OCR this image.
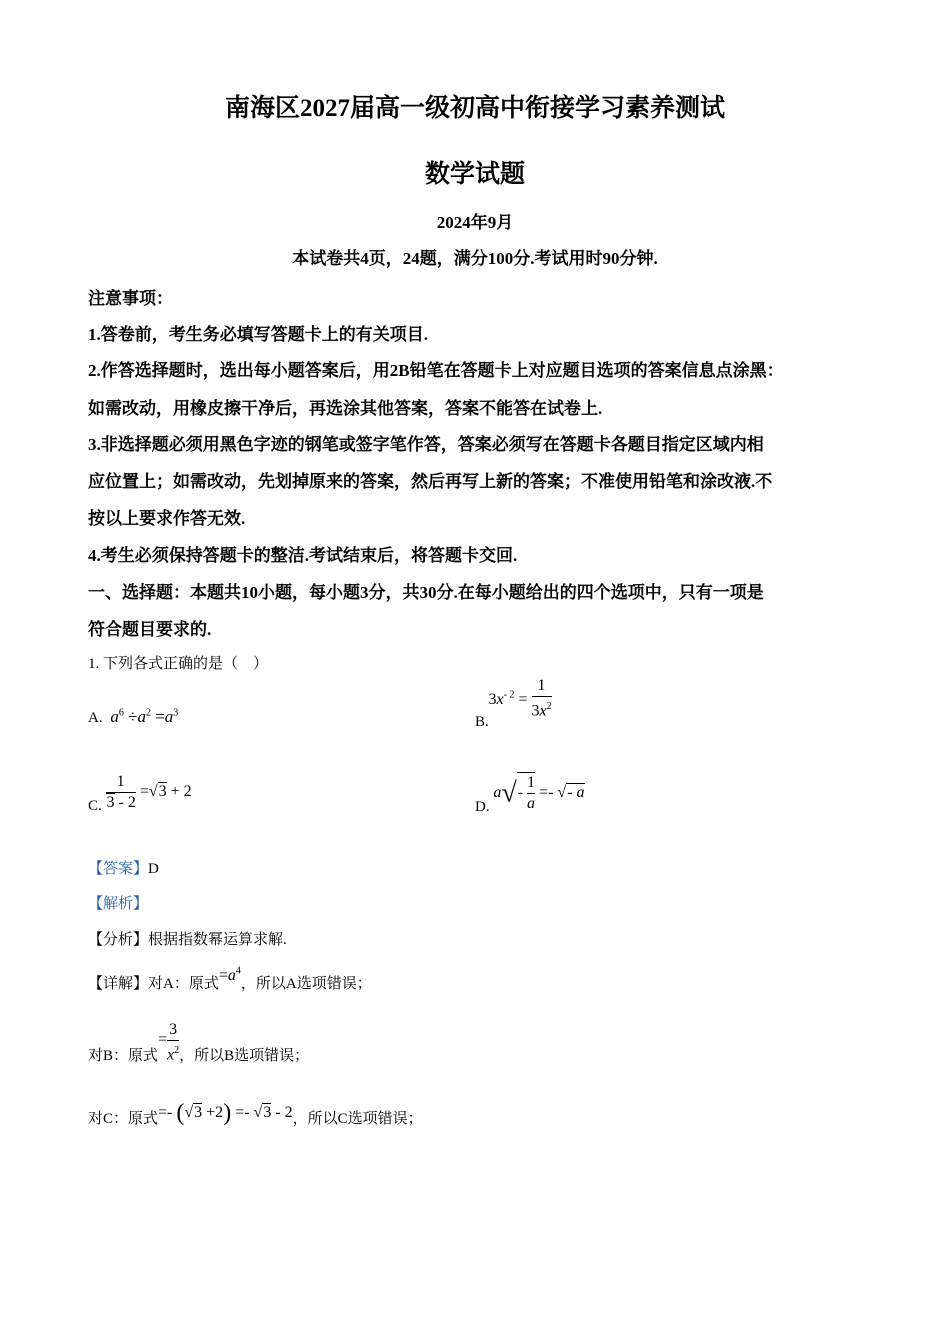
南海区2027届高一级初高中衔接学习素养测试
数学试题
2024年9月
本试卷共4页，24题，满分100分.考试用时90分钟.
注意事项：
1.答卷前，考生务必填写答题卡上的有关项目.
2.作答选择题时，选出每小题答案后，用2B铅笔在答题卡上对应题目选项的答案信息点涂黑：
如需改动，用橡皮擦干净后，再选涂其他答案，答案不能答在试卷上.
3.非选择题必须用黑色字迹的钢笔或签字笔作答，答案必须写在答题卡各题目指定区域内相
应位置上；如需改动，先划掉原来的答案，然后再写上新的答案；不准使用铅笔和涂改液.不
按以上要求作答无效.
4.考生必须保持答题卡的整洁.考试结束后，将答题卡交回.
一、选择题：本题共10小题，每小题3分，共30分.在每小题给出的四个选项中，只有一项是
符合题目要求的.
1. 下列各式正确的是（　）
A. $a^6 \div a^2 =a^3$
B. $3x^{- 2} = \frac{1}{3x^2}$
C. $\frac{1}{3 - 2} =√3 + 2$
D. $a√- \frac{1}{a}$ =- √- a
【答案】D
【解析】
【分析】根据指数幂运算求解.
【详解】对A：原式$=a^4$，所以A选项错误；
对B：原式= $\frac{3}{x^2}$ ，所以B选项错误；
对C：原式=- (√3 +2) =- √3 - 2，所以C选项错误；
